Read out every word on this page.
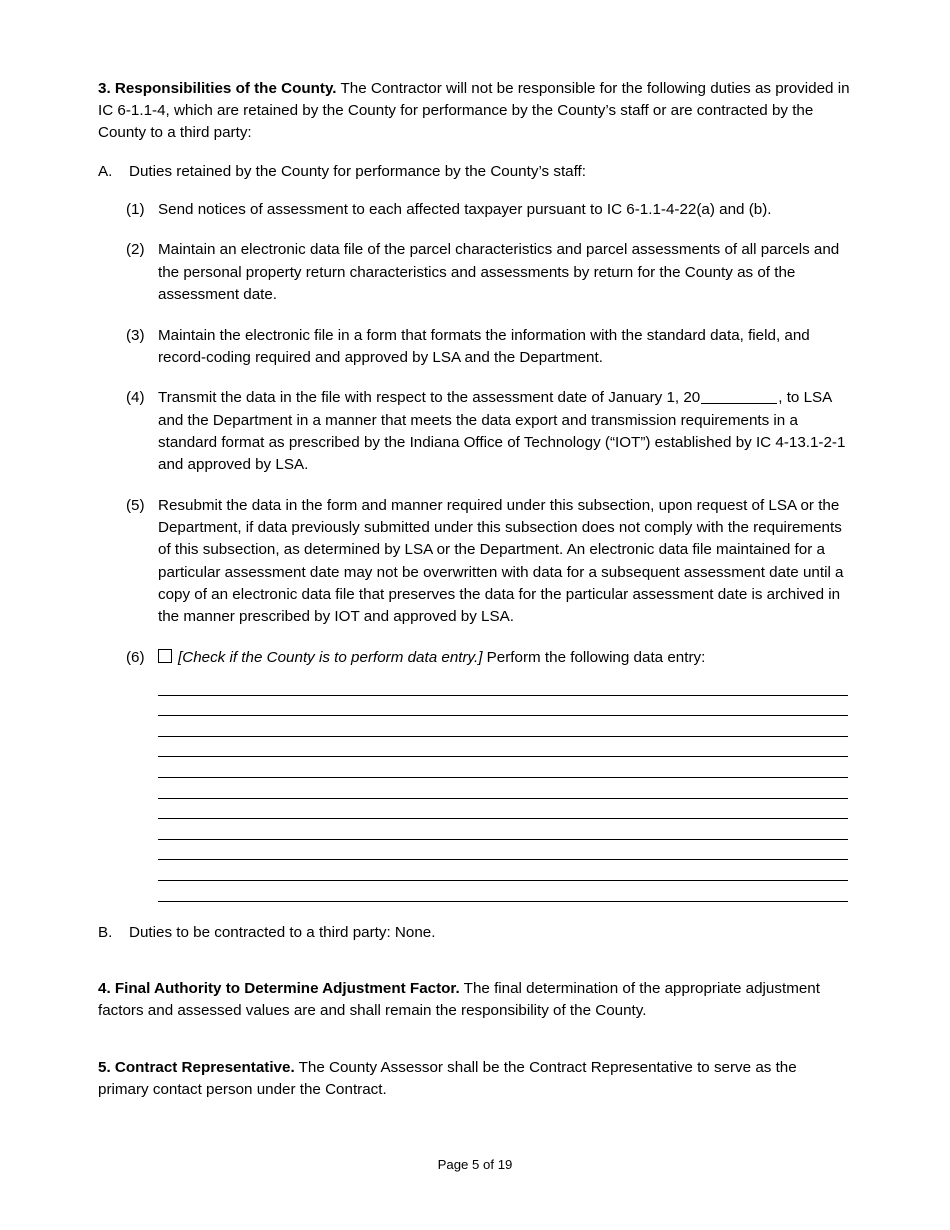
3. Responsibilities of the County. The Contractor will not be responsible for the following duties as provided in IC 6-1.1-4, which are retained by the County for performance by the County’s staff or are contracted by the County to a third party:

A.	Duties retained by the County for performance by the County’s staff:
(1) Send notices of assessment to each affected taxpayer pursuant to IC 6-1.1-4-22(a) and (b).
(2) Maintain an electronic data file of the parcel characteristics and parcel assessments of all parcels and the personal property return characteristics and assessments by return for the County as of the assessment date.
(3) Maintain the electronic file in a form that formats the information with the standard data, field, and record-coding required and approved by LSA and the Department.
(4) Transmit the data in the file with respect to the assessment date of January 1, 20	, to LSA and the Department in a manner that meets the data export and transmission requirements in a standard format as prescribed by the Indiana Office of Technology (“IOT”) established by IC 4-13.1-2-1 and approved by LSA.
(5) Resubmit the data in the form and manner required under this subsection, upon request of LSA or the Department, if data previously submitted under this subsection does not comply with the requirements of this subsection, as determined by LSA or the Department. An electronic data file maintained for a particular assessment date may not be overwritten with data for a subsequent assessment date until a copy of an electronic data file that preserves the data for the particular assessment date is archived in the manner prescribed by IOT and approved by LSA.
(6)	[Check if the County is to perform data entry.] Perform the following data entry:
B.	Duties to be contracted to a third party: None.

4. Final Authority to Determine Adjustment Factor. The final determination of the appropriate adjustment factors and assessed values are and shall remain the responsibility of the County.

5. Contract Representative. The County Assessor shall be the Contract Representative to serve as the primary contact person under the Contract.

Page 5 of 19
